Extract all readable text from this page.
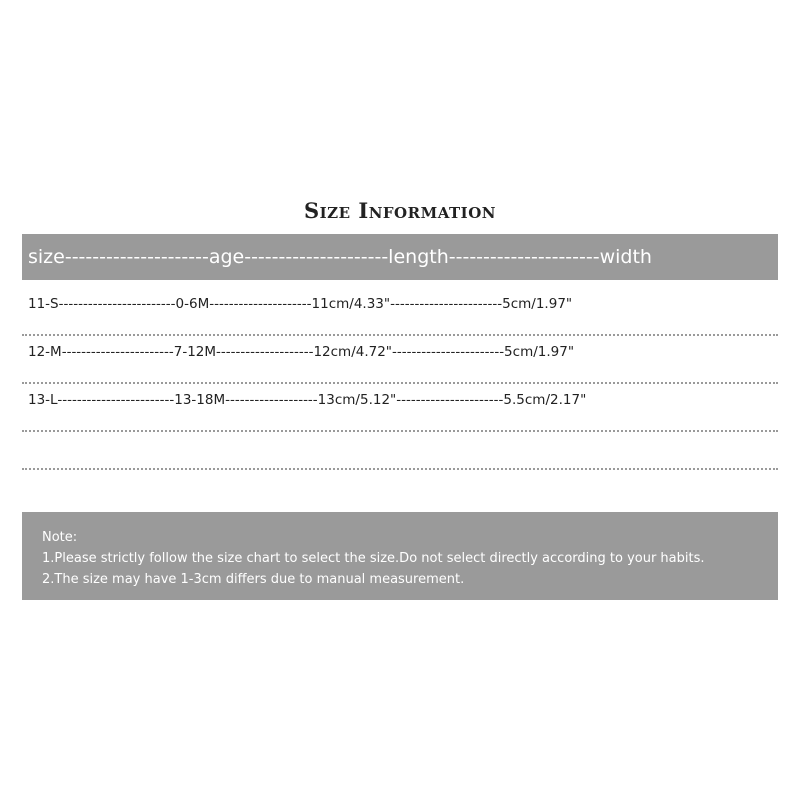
Size Information
size---------------------age---------------------length----------------------width
11-S------------------------0-6M---------------------11cm/4.33"-----------------------5cm/1.97"
12-M-----------------------7-12M--------------------12cm/4.72"-----------------------5cm/1.97"
13-L------------------------13-18M-------------------13cm/5.12"----------------------5.5cm/2.17"
Note:
1.Please strictly follow the size chart to select the size.Do not select directly according to your habits.
2.The size may have 1-3cm differs due to manual measurement.
